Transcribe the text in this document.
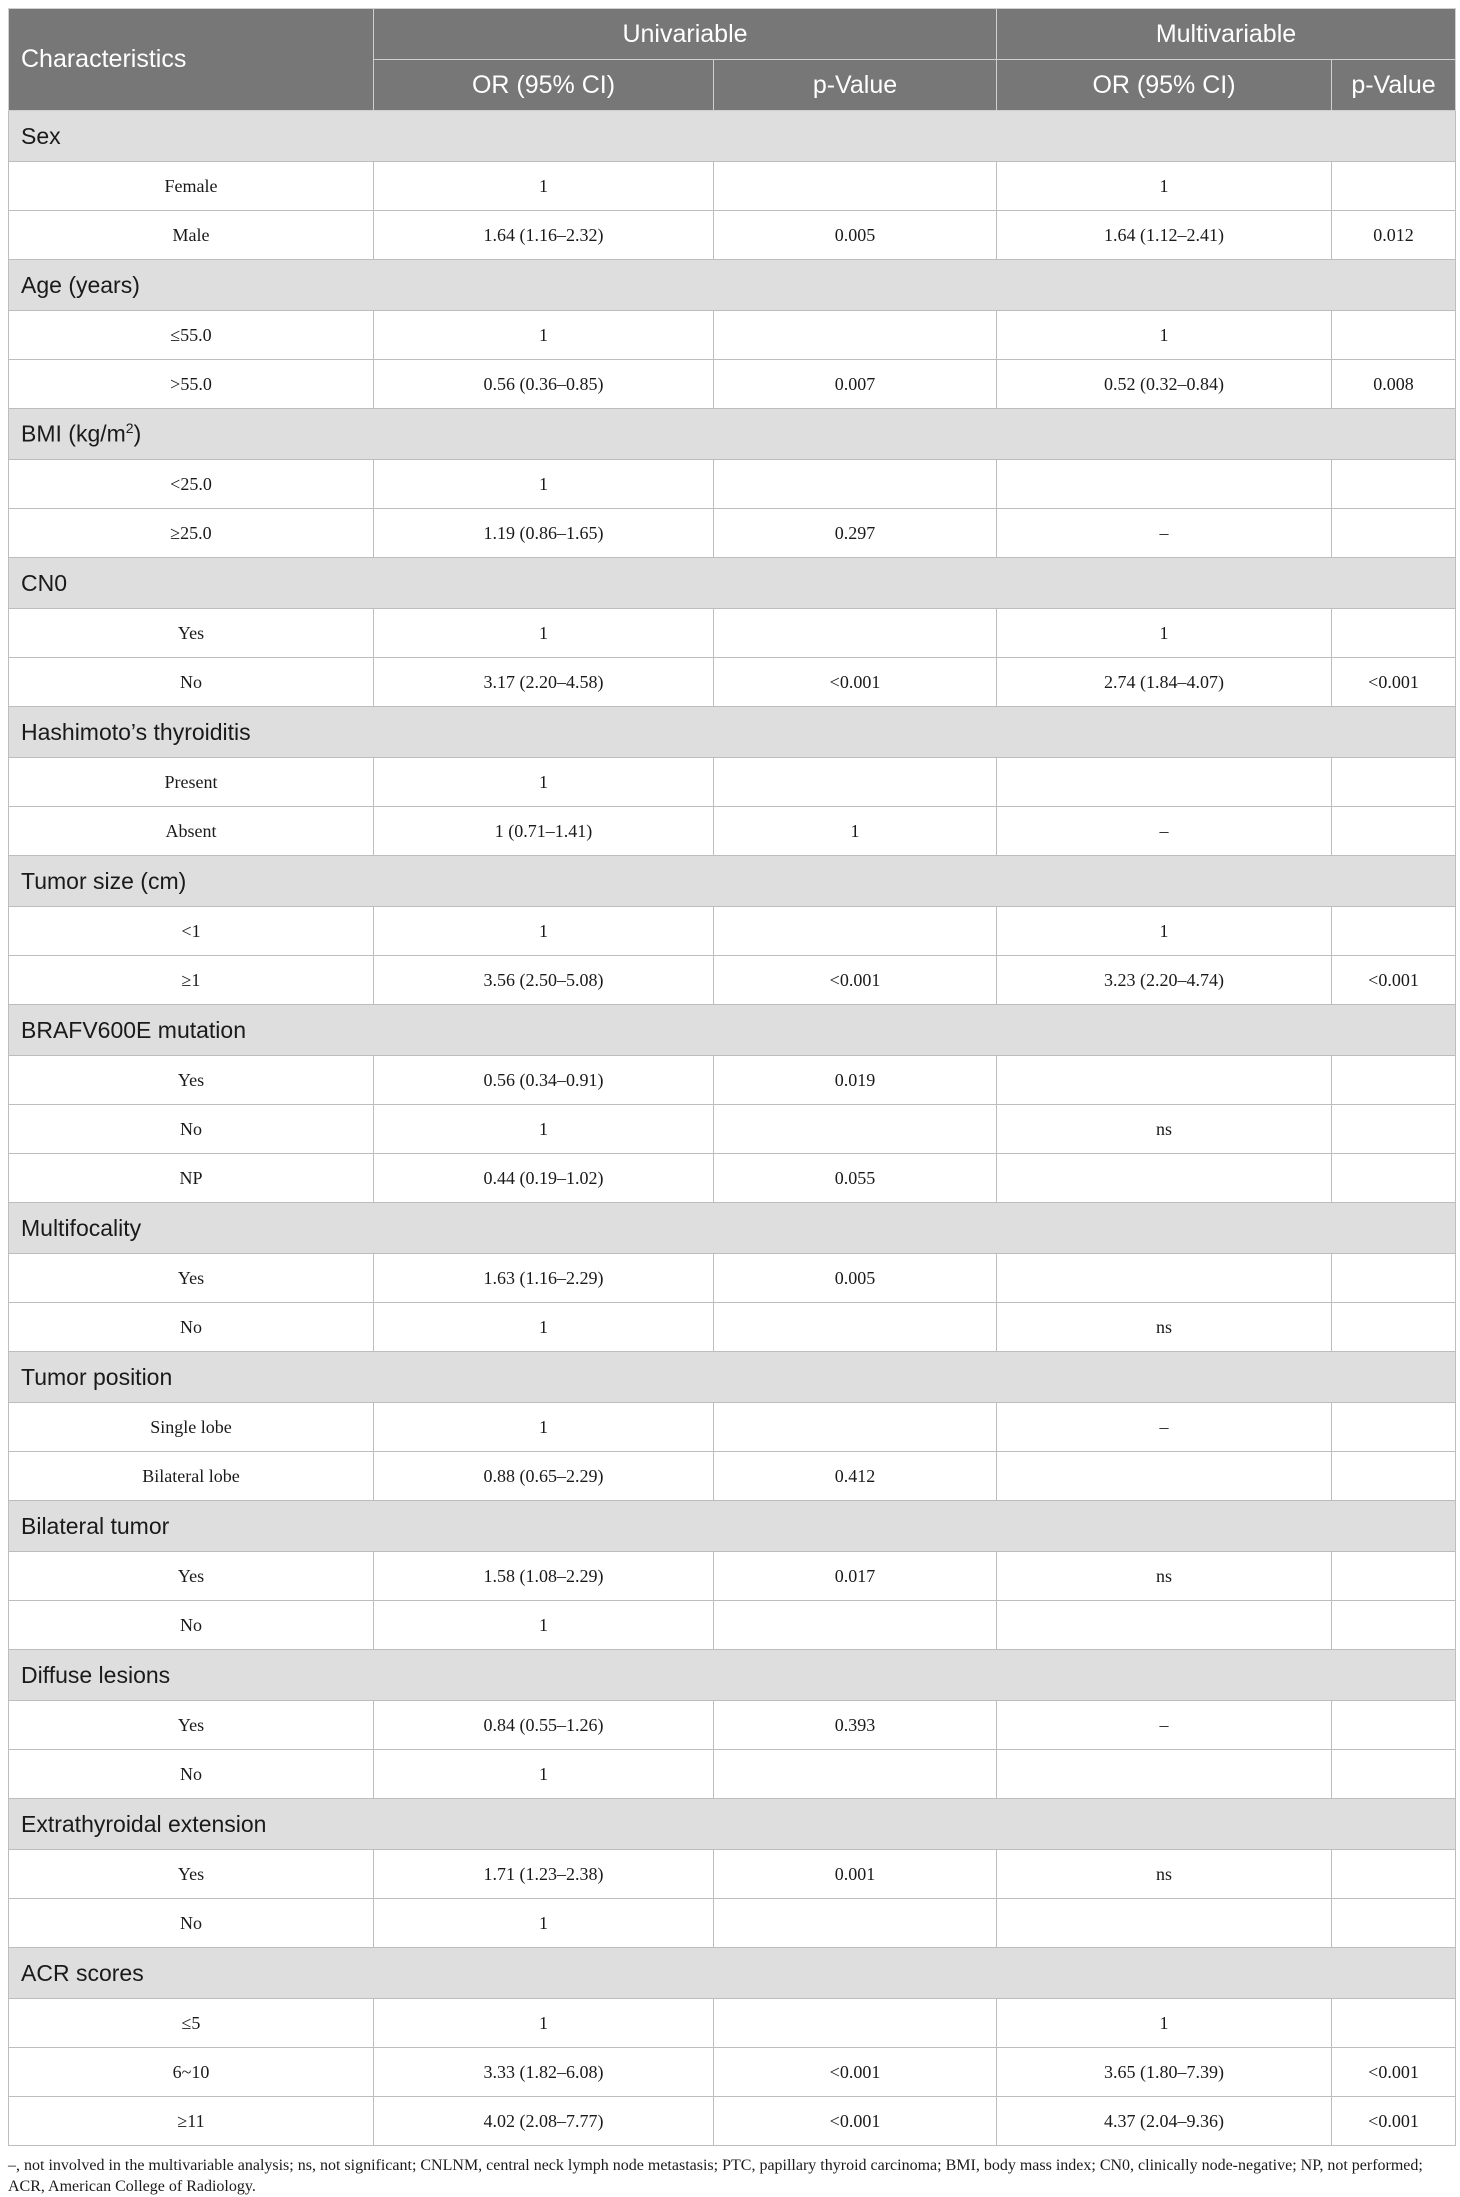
Characteristics	Univariable		Multivariable	
	OR (95% CI)	p-Value	OR (95% CI)	p-Value
Sex				
Female	1		1	
Male	1.64 (1.16–2.32)	0.005	1.64 (1.12–2.41)	0.012
Age (years)				
≤55.0	1		1	
>55.0	0.56 (0.36–0.85)	0.007	0.52 (0.32–0.84)	0.008
BMI $(kg/m^2)$				
<25.0	1			
≥25.0	1.19 (0.86–1.65)	0.297	–	
CN0				
Yes	1		1	
No	3.17 (2.20–4.58)	<0.001	2.74 (1.84–4.07)	<0.001
Hashimoto’s thyroiditis				
Present	1			
Absent	1 (0.71–1.41)	1	–	
Tumor size (cm)				
<1	1		1	
≥1	3.56 (2.50–5.08)	<0.001	3.23 (2.20–4.74)	<0.001
BRAFV600E mutation				
Yes	0.56 (0.34–0.91)	0.019		
No	1		ns	
NP	0.44 (0.19–1.02)	0.055		
Multifocality				
Yes	1.63 (1.16–2.29)	0.005		
No	1		ns	
Tumor position				
Single lobe	1		–	
Bilateral lobe	0.88 (0.65–2.29)	0.412		
Bilateral tumor				
Yes	1.58 (1.08–2.29)	0.017	ns	
No	1			
Diffuse lesions				
Yes	0.84 (0.55–1.26)	0.393	–	
No	1			
Extrathyroidal extension				
Yes	1.71 (1.23–2.38)	0.001	ns	
No	1			
ACR scores				
≤5	1		1	
6~10	3.33 (1.82–6.08)	<0.001	3.65 (1.80–7.39)	<0.001
≥11	4.02 (2.08–7.77)	<0.001	4.37 (2.04–9.36)	<0.001
–, not involved in the multivariable analysis; ns, not significant; CNLNM, central neck lymph node metastasis; PTC, papillary thyroid carcinoma; BMI, body mass index; CN0, clinically node-negative; NP, not performed; ACR, American College of Radiology.
